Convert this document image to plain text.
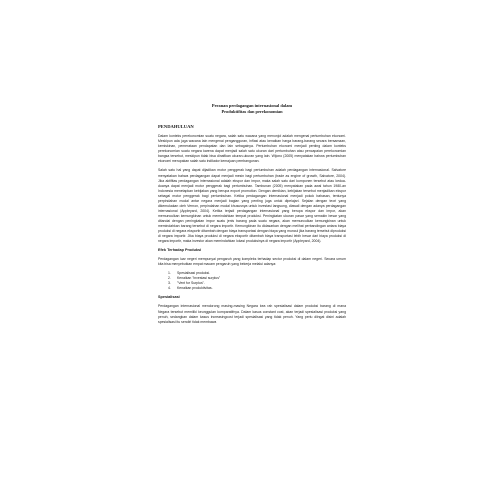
Peranan perdagangan internasional dalam
Produktifitas dan perekonomian
PENDAHULUAN

Dalam konteks perekonomian suatu negara, salah satu wacana yang menonjol adalah mengenai pertumbuhan ekonomi. Meskipun ada juga wacana lain mengenai pengangguran, inflasi atau kenaikan harga barang-barang secara bersamaan, kemiskinan, pemerataan pendapatan dan lain sebagainya. Pertumbuhan ekonomi menjadi penting dalam konteks perekonomian suatu negara karena dapat menjadi salah satu ukuran dari pertumbuhan atau pencapaian perekonomian bangsa tersebut, meskipun tidak bisa dinafikan ukuran-ukuran yang lain. Wijono (2005) menyatakan bahwa pertumbuhan ekonomi merupakan salah satu indikator kemajuan pembangunan.

Salah satu hal yang dapat dijadikan motor penggerak bagi pertumbuhan adalah perdagangan internasional. Salvatore menyatakan bahwa perdagangan dapat menjadi mesin bagi pertumbuhan (trade as engine of growth, Salvatore, 2004). Jika aktifitas perdagangan internasional adalah ekspor dan impor, maka salah satu dari komponen tersebut atau kedua-duanya dapat menjadi motor penggerak bagi pertumbuhan. Tambunan (2005) menyatakan pada awal tahun 1980-an Indonesia menetapkan kebijakan yang berupa export promotion. Dengan demikian, kebijakan tersebut menjadikan ekspor sebagai motor penggerak bagi pertumbuhan. Ketika perdagangan internasional menjadi pokok bahasan, tentunya perpindahan modal antar negara menjadi bagian yang penting juga untuk dipelajari. Sejalan dengan teori yang dikemukakan oleh Vernon, perpindahan modal khususnya untuk investasi langsung, diawali dengan adanya perdagangan internasional (Appleyard, 2004). Ketika terjadi perdagangan internasional yang berupa ekspor dan impor, akan memunculkan kemungkinan untuk memindahkan tempat produksi. Peningkatan ukuran pasar yang semakin besar yang ditandai dengan peningkatan impor suatu jenis barang pada suatu negara, akan memunculkan kemungkinan untuk memindahkan barang tersebut di negara importir. Kemungkinan itu didasarkan dengan melihat perbandingan antara biaya produksi di negara eksportir ditambah dengan biaya transportasi dengan biaya yang muncul jika barang tersebut diproduksi di negara importir. Jika biaya produksi di negara eksportir ditambah biaya transportasi lebih besar dari biaya produksi di negara importir, maka investor akan memindahkan lokasi produksinya di negara importir (Appleyard, 2004).

Efek Terhadap Produksi

Perdagangan luar negeri mempunyai pengaruh yang kompleks terhadap sector produksi di dalam negeri. Secara umum kita bisa menyebutkan empat macam pengaruh yang bekerja melalui adanya:

1. Spesialisasi produksi.
2. Kenaikan "investasi surplus"
3. "Vent for Surplus".
4. Kenaikan produktivitas.
Spesialisasi

Perdagangan internasional mendorong masing-masing Negara kea rah spesialisasi dalam produksi barang di mana Negara tersebut memiliki keunggulan komparatifnya. Dalam kasus constant cost, akan terjadi spesialisasi produksi yang penuh, sedangkan dalam kasus increasingcost terjadi spesialisasi yang tidak penuh. Yang perlu diingat disini adalah spesialisasi itu sendiri tidak membawa
